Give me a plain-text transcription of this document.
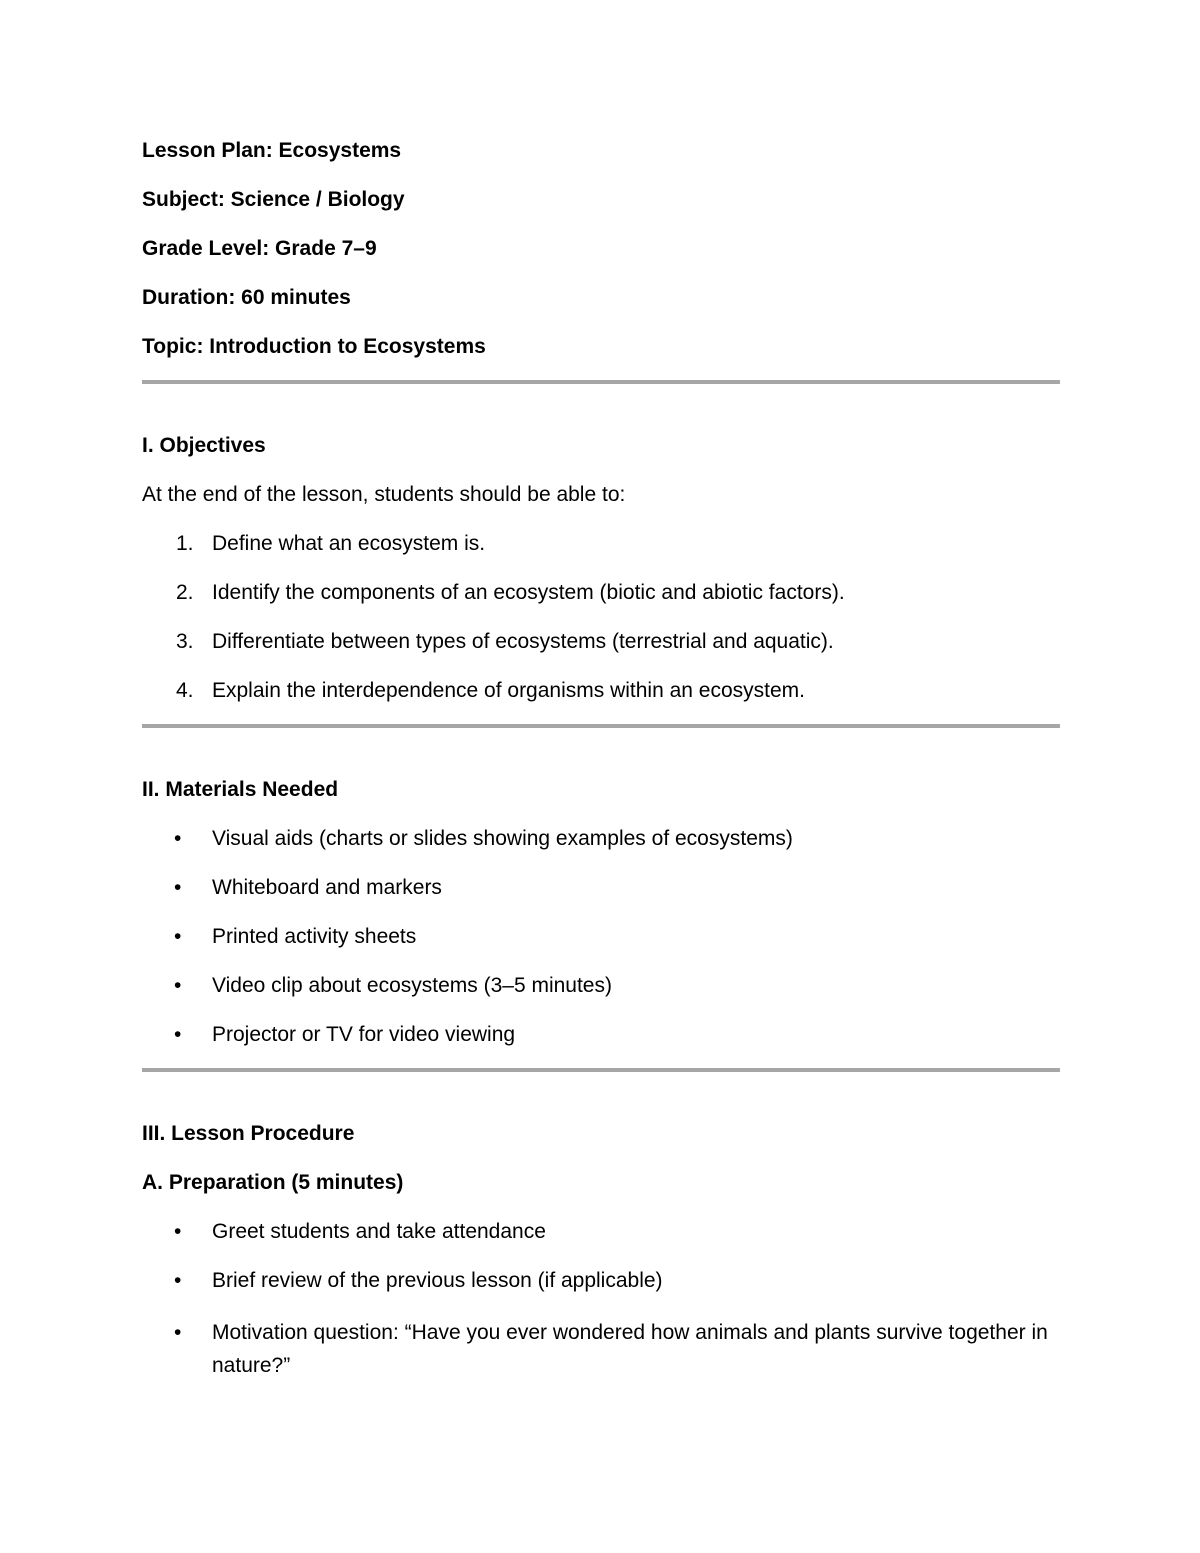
Lesson Plan: Ecosystems

Subject: Science / Biology

Grade Level: Grade 7–9

Duration: 60 minutes

Topic: Introduction to Ecosystems

I. Objectives

At the end of the lesson, students should be able to:

1. Define what an ecosystem is.
2. Identify the components of an ecosystem (biotic and abiotic factors).
3. Differentiate between types of ecosystems (terrestrial and aquatic).
4. Explain the interdependence of organisms within an ecosystem.

II. Materials Needed

• Visual aids (charts or slides showing examples of ecosystems)
• Whiteboard and markers
• Printed activity sheets
• Video clip about ecosystems (3–5 minutes)
• Projector or TV for video viewing

III. Lesson Procedure

A. Preparation (5 minutes)

• Greet students and take attendance
• Brief review of the previous lesson (if applicable)
• Motivation question: “Have you ever wondered how animals and plants survive together in nature?”
